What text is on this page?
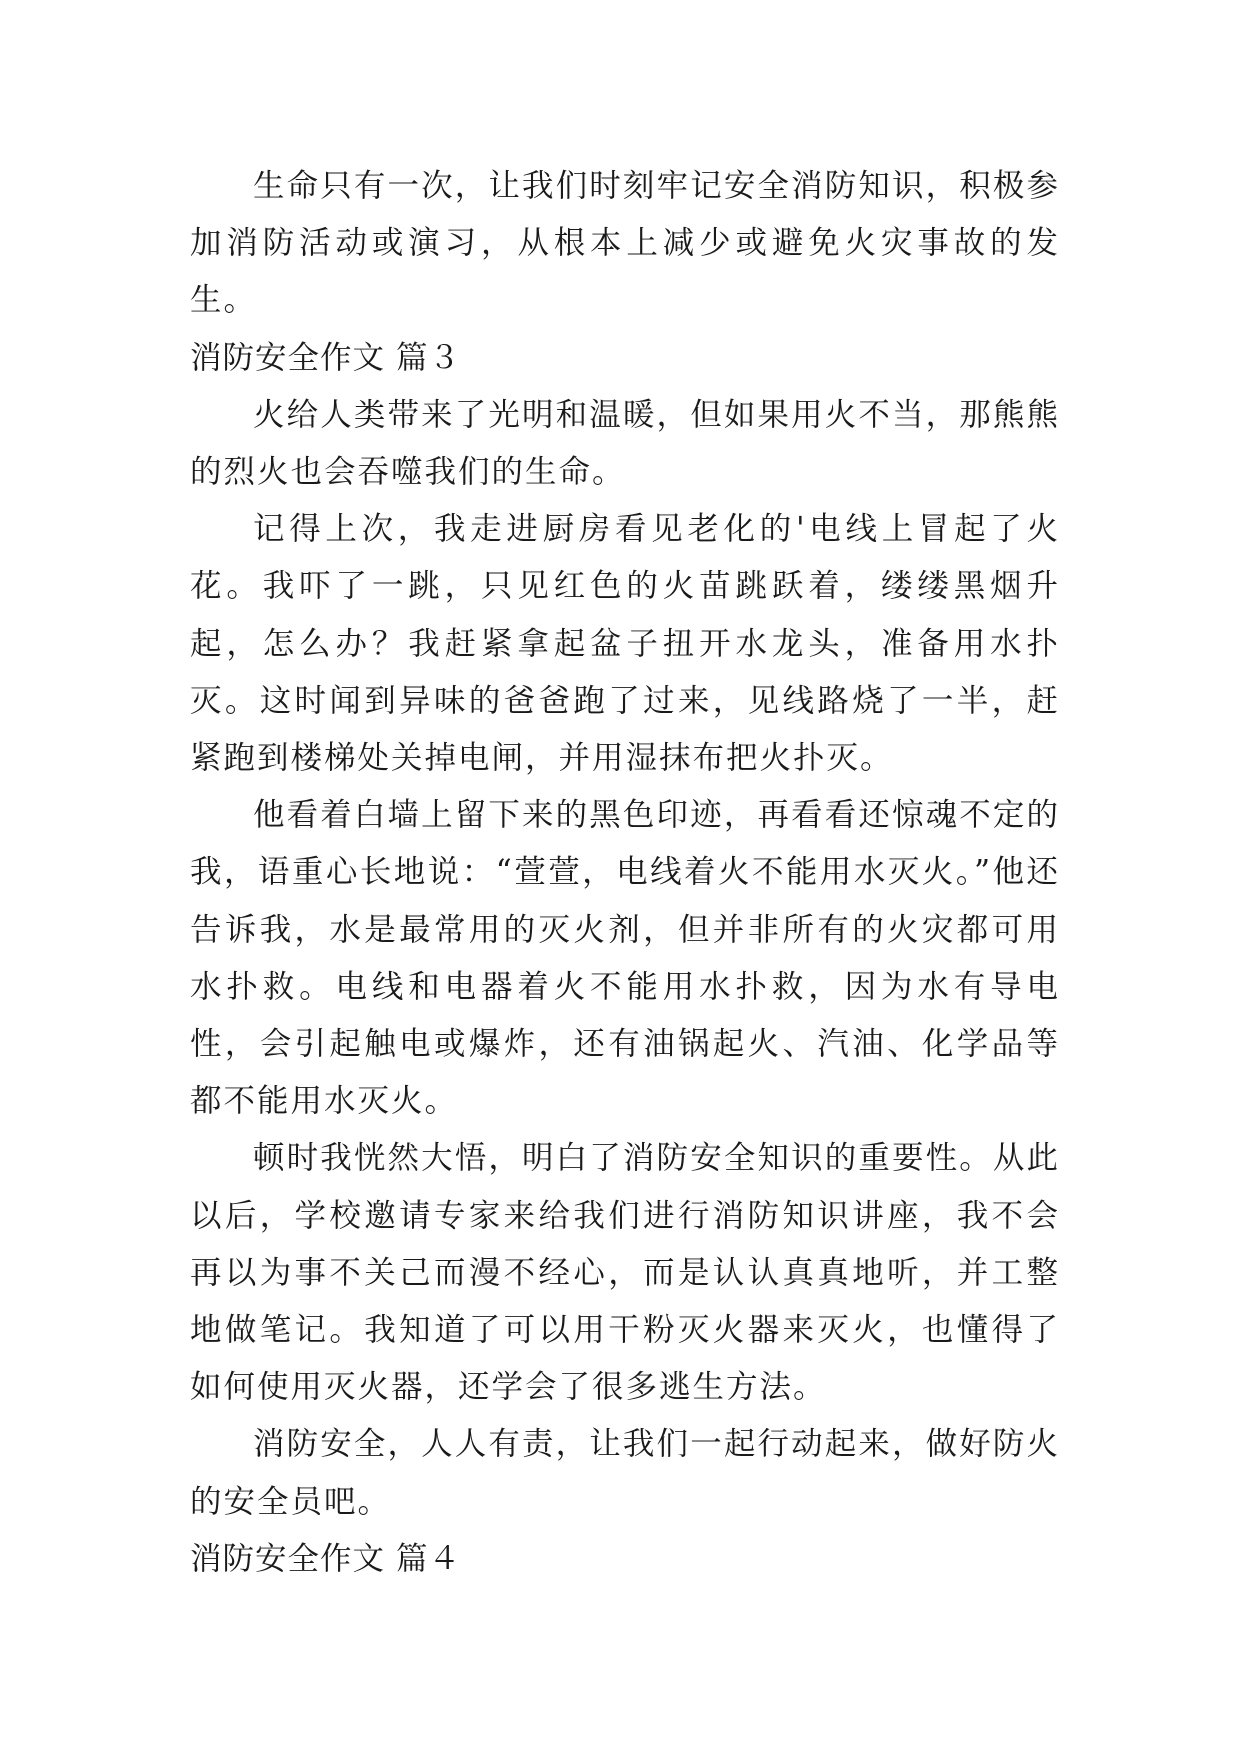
生命只有一次，让我们时刻牢记安全消防知识，积极参加消防活动或演习，从根本上减少或避免火灾事故的发生。

消防安全作文 篇３

火给人类带来了光明和温暖，但如果用火不当，那熊熊的烈火也会吞噬我们的生命。

记得上次，我走进厨房看见老化的'电线上冒起了火花。我吓了一跳，只见红色的火苗跳跃着，缕缕黑烟升起，怎么办？我赶紧拿起盆子扭开水龙头，准备用水扑灭。这时闻到异味的爸爸跑了过来，见线路烧了一半，赶紧跑到楼梯处关掉电闸，并用湿抹布把火扑灭。

他看着白墙上留下来的黑色印迹，再看看还惊魂不定的我，语重心长地说：“萱萱，电线着火不能用水灭火。”他还告诉我，水是最常用的灭火剂，但并非所有的火灾都可用水扑救。电线和电器着火不能用水扑救，因为水有导电性，会引起触电或爆炸，还有油锅起火、汽油、化学品等都不能用水灭火。

顿时我恍然大悟，明白了消防安全知识的重要性。从此以后，学校邀请专家来给我们进行消防知识讲座，我不会再以为事不关己而漫不经心，而是认认真真地听，并工整地做笔记。我知道了可以用干粉灭火器来灭火，也懂得了如何使用灭火器，还学会了很多逃生方法。

消防安全，人人有责，让我们一起行动起来，做好防火的安全员吧。

消防安全作文 篇４
